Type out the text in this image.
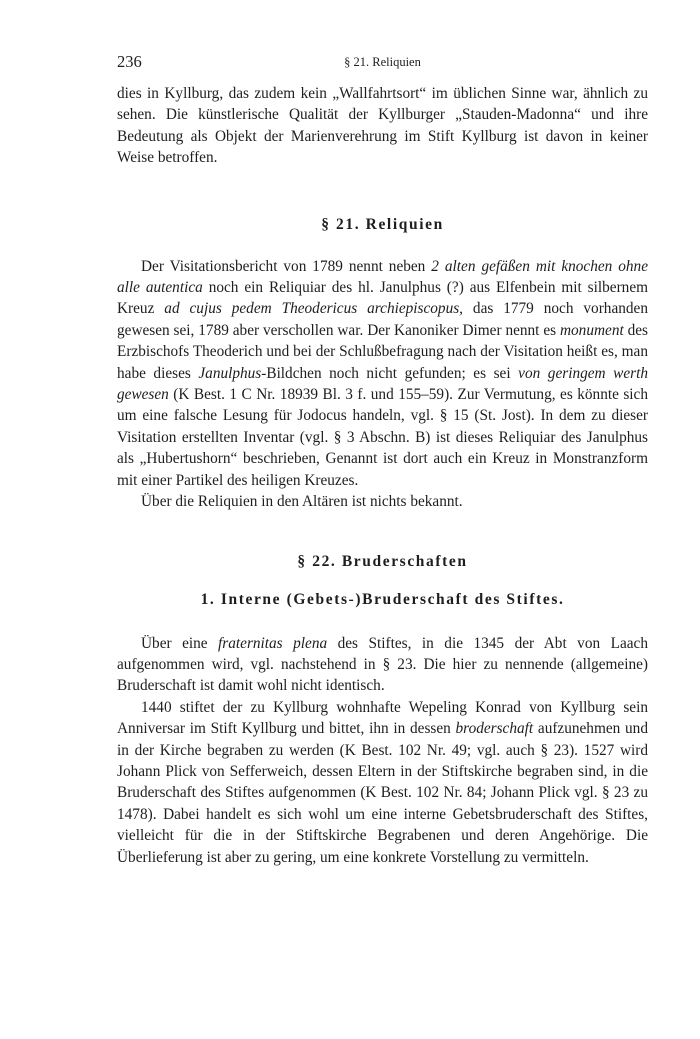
236	§ 21. Reliquien

dies in Kyllburg, das zudem kein „Wallfahrtsort“ im üblichen Sinne war, ähnlich zu sehen. Die künstlerische Qualität der Kyllburger „Stauden-Madonna“ und ihre Bedeutung als Objekt der Marienverehrung im Stift Kyllburg ist davon in keiner Weise betroffen.

§ 21. Reliquien

Der Visitationsbericht von 1789 nennt neben 2 alten gefäßen mit knochen ohne alle autentica noch ein Reliquiar des hl. Janulphus (?) aus Elfenbein mit silbernem Kreuz ad cujus pedem Theodericus archiepiscopus, das 1779 noch vorhanden gewesen sei, 1789 aber verschollen war. Der Kanoniker Dimer nennt es monument des Erzbischofs Theoderich und bei der Schlußbefragung nach der Visitation heißt es, man habe dieses Janulphus-Bildchen noch nicht gefunden; es sei von geringem werth gewesen (K Best. 1 C Nr. 18939 Bl. 3 f. und 155–59). Zur Vermutung, es könnte sich um eine falsche Lesung für Jodocus handeln, vgl. § 15 (St. Jost). In dem zu dieser Visitation erstellten Inventar (vgl. § 3 Abschn. B) ist dieses Reliquiar des Janulphus als „Hubertushorn“ beschrieben, Genannt ist dort auch ein Kreuz in Monstranzform mit einer Partikel des heiligen Kreuzes.

Über die Reliquien in den Altären ist nichts bekannt.

§ 22. Bruderschaften
1. Interne (Gebets-)Bruderschaft des Stiftes.

Über eine fraternitas plena des Stiftes, in die 1345 der Abt von Laach aufgenommen wird, vgl. nachstehend in § 23. Die hier zu nennende (allgemeine) Bruderschaft ist damit wohl nicht identisch.

1440 stiftet der zu Kyllburg wohnhafte Wepeling Konrad von Kyllburg sein Anniversar im Stift Kyllburg und bittet, ihn in dessen broderschaft aufzunehmen und in der Kirche begraben zu werden (K Best. 102 Nr. 49; vgl. auch § 23). 1527 wird Johann Plick von Sefferweich, dessen Eltern in der Stiftskirche begraben sind, in die Bruderschaft des Stiftes aufgenommen (K Best. 102 Nr. 84; Johann Plick vgl. § 23 zu 1478). Dabei handelt es sich wohl um eine interne Gebetsbruderschaft des Stiftes, vielleicht für die in der Stiftskirche Begrabenen und deren Angehörige. Die Überlieferung ist aber zu gering, um eine konkrete Vorstellung zu vermitteln.
